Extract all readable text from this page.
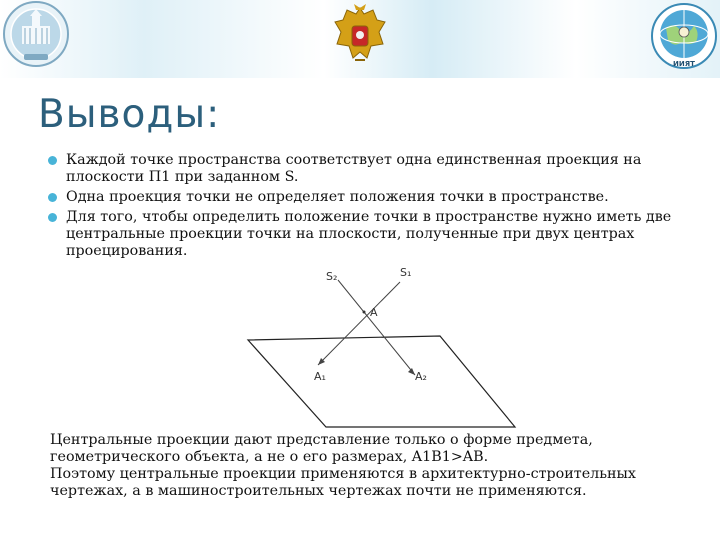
ИИЯТ
Выводы:
Каждой точке пространства соответствует одна единственная проекция на плоскости П1 при заданном S.
Одна проекция точки не определяет положения точки в пространстве.
Для того, чтобы определить положение точки в пространстве нужно иметь две центральные проекции точки на плоскости, полученные при двух центрах проецирования.
S₂	S₁
A
A₁	A₂
Центральные проекции дают представление только о форме предмета, геометрического объекта, а не о его размерах, A1B1>AB.
Поэтому центральные проекции применяются в архитектурно-строительных чертежах, а в машиностроительных чертежах почти не применяются.
